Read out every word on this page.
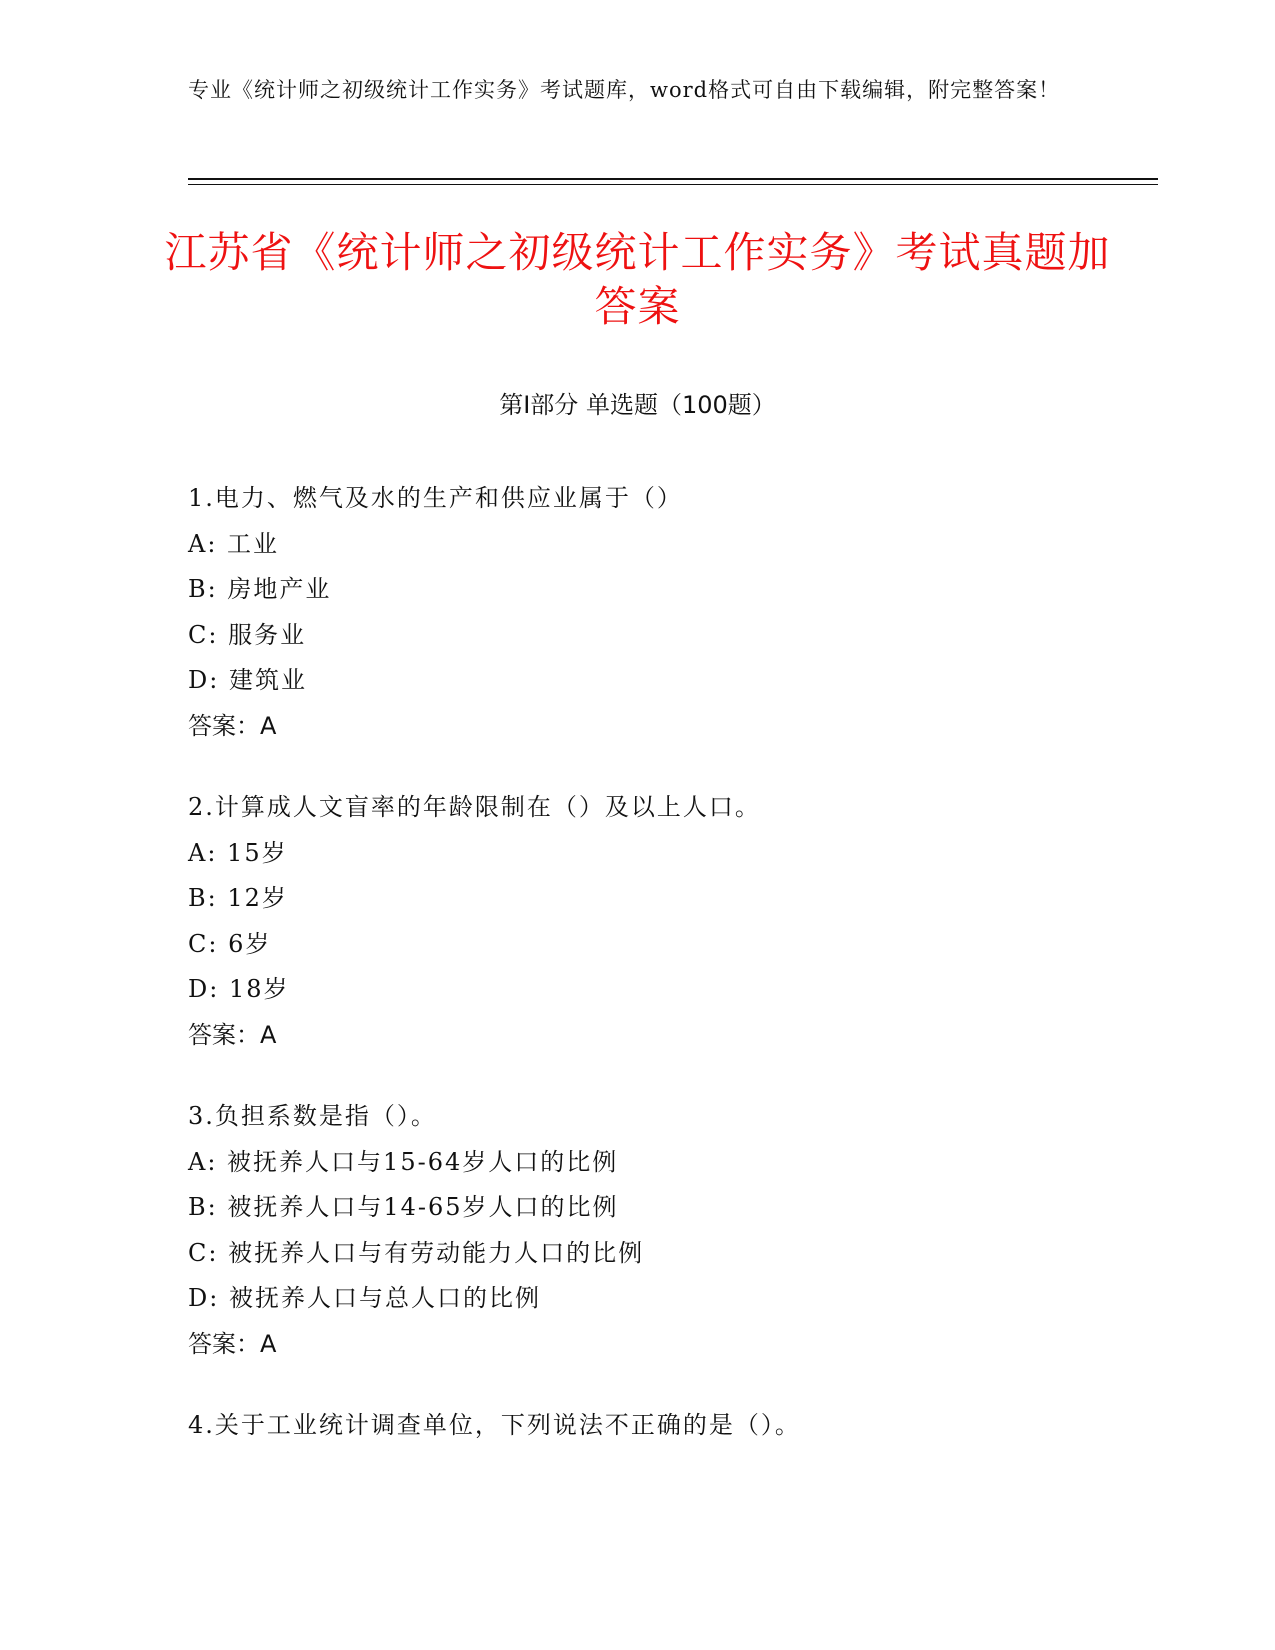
专业《统计师之初级统计工作实务》考试题库，word格式可自由下载编辑，附完整答案！
江苏省《统计师之初级统计工作实务》考试真题加答案
第Ⅰ部分 单选题（100题）
1.电力、燃气及水的生产和供应业属于（）
A: 工业
B: 房地产业
C: 服务业
D: 建筑业
答案：A
2.计算成人文盲率的年龄限制在（）及以上人口。
A: 15岁
B: 12岁
C: 6岁
D: 18岁
答案：A
3.负担系数是指（）。
A: 被抚养人口与15-64岁人口的比例
B: 被抚养人口与14-65岁人口的比例
C: 被抚养人口与有劳动能力人口的比例
D: 被抚养人口与总人口的比例
答案：A
4.关于工业统计调查单位，下列说法不正确的是（）。
